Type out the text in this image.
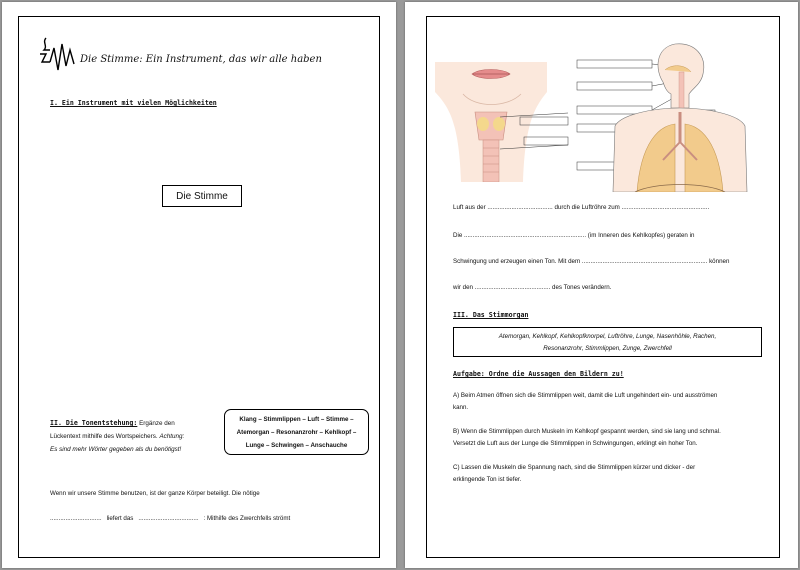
Die Stimme: Ein Instrument, das wir alle haben
I. Ein Instrument mit vielen Möglichkeiten
Die Stimme
II. Die Tonentstehung: Ergänze den
Lückentext mithilfe des Wortspeichers. Achtung:
Es sind mehr Wörter gegeben als du benötigst!
Klang – Stimmlippen – Luft – Stimme –
Atemorgan – Resonanzrohr – Kehlkopf –
Lunge – Schwingen – Anschauche
Wenn wir unsere Stimme benutzen, ist der ganze Körper beteiligt. Die nötige
.............................. liefert das ................................... : Mithilfe des Zwerchfells strömt
Luft aus der ...................................... durch die Luftröhre zum ...................................................
Die ....................................................................... (im Inneren des Kehlkopfes) geraten in
Schwingung und erzeugen einen Ton. Mit dem ......................................................................... können
wir den ............................................ des Tones verändern.
III. Das Stimmorgan
Atemorgan, Kehlkopf, Kehlkopfknorpel, Luftröhre, Lunge, Nasenhöhle, Rachen,
Resonanzrohr, Stimmlippen, Zunge, Zwerchfell
Aufgabe: Ordne die Aussagen den Bildern zu!
A) Beim Atmen öffnen sich die Stimmlippen weit, damit die Luft ungehindert ein- und ausströmen
kann.
B) Wenn die Stimmlippen durch Muskeln im Kehlkopf gespannt werden, sind sie lang und schmal.
Versetzt die Luft aus der Lunge die Stimmlippen in Schwingungen, erklingt ein hoher Ton.
C) Lassen die Muskeln die Spannung nach, sind die Stimmlippen kürzer und dicker - der
erklingende Ton ist tiefer.
